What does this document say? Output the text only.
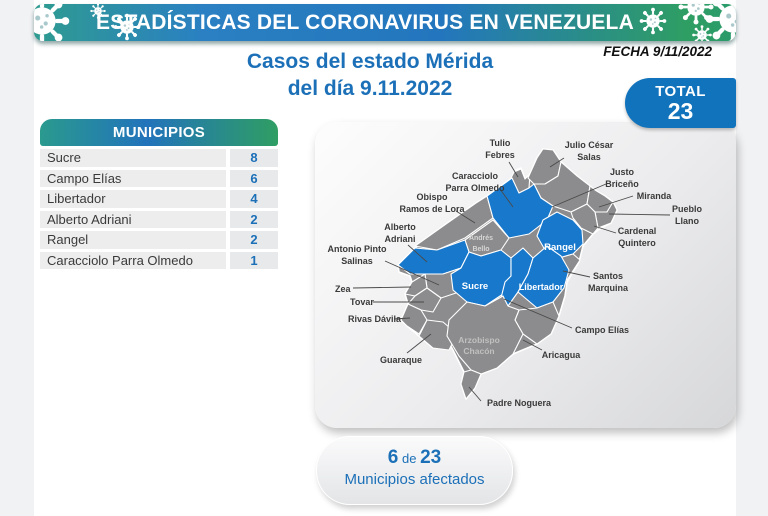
ESTADÍSTICAS DEL CORONAVIRUS EN VENEZUELA
FECHA 9/11/2022
Casos del estado Mérida
del día 9.11.2022
MUNICIPIOS
Sucre	8
Campo Elías	6
Libertador	4
Alberto Adriani	2
Rangel	2
Caracciolo Parra Olmedo	1
Tulio Febres
Julio César Salas
Justo Briceño
Miranda
Pueblo Llano
Cardenal Quintero
Caracciolo Parra Olmedo
Obispo Ramos de Lora
Alberto Adriani
Antonio Pinto Salinas
Zea
Tovar
Rivas Dávila
Guaraque
Santos Marquina
Campo Elías
Aricagua
Padre Noguera
Andrés Bello
Sucre
Rangel
Libertador
Arzobispo Chacón
TOTAL
23
6 de 23
Municipios afectados
